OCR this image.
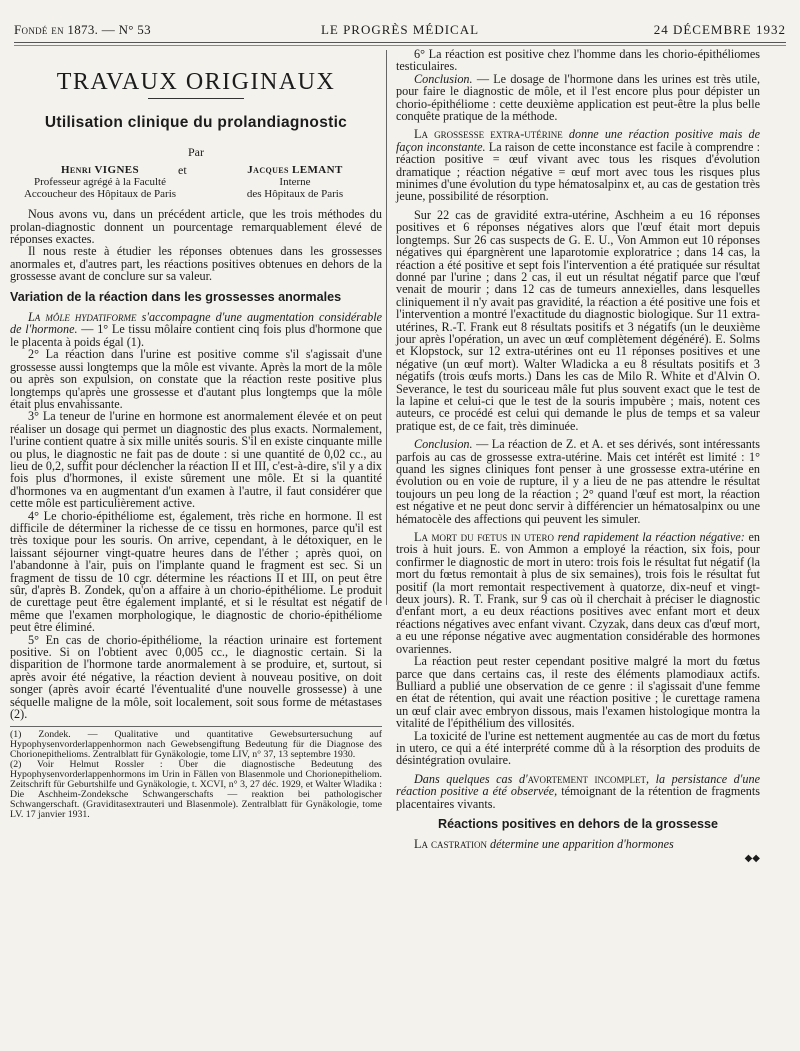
Fondé en 1873. — N° 53	LE PROGRÈS MÉDICAL	24 DÉCEMBRE 1932
TRAVAUX ORIGINAUX
Utilisation clinique du prolandiagnostic
Par
Henri VIGNES
Professeur agrégé à la Faculté
Accoucheur des Hôpitaux de Paris
et	Jacques LEMANT
Interne
des Hôpitaux de Paris

Nous avons vu, dans un précédent article, que les trois méthodes du prolan-diagnostic donnent un pourcentage remarquablement élevé de réponses exactes.

Il nous reste à étudier les réponses obtenues dans les grossesses anormales et, d'autres part, les réactions positives obtenues en dehors de la grossesse avant de conclure sur sa valeur.

Variation de la réaction dans les grossesses anormales

La môle hydatiforme s'accompagne d'une augmentation considérable de l'hormone. — 1° Le tissu môlaire contient cinq fois plus d'hormone que le placenta à poids égal (1).

2° La réaction dans l'urine est positive comme s'il s'agissait d'une grossesse aussi longtemps que la môle est vivante. Après la mort de la môle ou après son expulsion, on constate que la réaction reste positive plus longtemps qu'après une grossesse et d'autant plus longtemps que la môle était plus envahissante.

3° La teneur de l'urine en hormone est anormalement élevée et on peut réaliser un dosage qui permet un diagnostic des plus exacts. Normalement, l'urine contient quatre à six mille unités souris. S'il en existe cinquante mille ou plus, le diagnostic ne fait pas de doute : si une quantité de 0,02 cc., au lieu de 0,2, suffit pour déclencher la réaction II et III, c'est-à-dire, s'il y a dix fois plus d'hormones, il existe sûrement une môle. Et si la quantité d'hormones va en augmentant d'un examen à l'autre, il faut considérer que cette môle est particulièrement active.

4° Le chorio-épithéliome est, également, très riche en hormone. Il est difficile de déterminer la richesse de ce tissu en hormones, parce qu'il est très toxique pour les souris. On arrive, cependant, à le détoxiquer, en le laissant séjourner vingt-quatre heures dans de l'éther ; après quoi, on l'abandonne à l'air, puis on l'implante quand le fragment est sec. Si un fragment de tissu de 10 cgr. détermine les réactions II et III, on peut être sûr, d'après B. Zondek, qu'on a affaire à un chorio-épithéliome. Le produit de curettage peut être également implanté, et si le résultat est négatif de même que l'examen morphologique, le diagnostic de chorio-épithéliome peut être éliminé.

5° En cas de chorio-épithéliome, la réaction urinaire est fortement positive. Si on l'obtient avec 0,005 cc., le diagnostic certain. Si la disparition de l'hormone tarde anormalement à se produire, et, surtout, si après avoir été négative, la réaction devient à nouveau positive, on doit songer (après avoir écarté l'éventualité d'une nouvelle grossesse) à une séquelle maligne de la môle, soit localement, soit sous forme de métastases (2).

(1) Zondek. — Qualitative und quantitative Gewebsurtersuchung auf Hypophysenvorderlappenhormon nach Gewebsengiftung Bedeutung für die Diagnose des Chorionepithelioms. Zentralblatt für Gynäkologie, tome LIV, n° 37, 13 septembre 1930.

(2) Voir Helmut Rossler : Über die diagnostische Bedeutung des Hypophysenvorderlappenhormons im Urin in Fällen von Blasenmole und Chorionepitheliom. Zeitschrift für Geburtshilfe und Gynäkologie, t. XCVI, n° 3, 27 déc. 1929, et Walter Wladika : Die Aschheim-Zondeksche Schwangerschafts — reaktion bei pathologischer Schwangerschaft. (Graviditasextrauteri und Blasenmole). Zentralblatt für Gynäkologie, tome LV. 17 janvier 1931.

6° La réaction est positive chez l'homme dans les chorio-épithéliomes testiculaires.

Conclusion. — Le dosage de l'hormone dans les urines est très utile, pour faire le diagnostic de môle, et il l'est encore plus pour dépister un chorio-épithéliome : cette deuxième application est peut-être la plus belle conquête pratique de la méthode.

La grossesse extra-utérine donne une réaction positive mais de façon inconstante. La raison de cette inconstance est facile à comprendre : réaction positive = œuf vivant avec tous les risques d'évolution dramatique ; réaction négative = œuf mort avec tous les risques plus minimes d'une évolution du type hématosalpinx et, au cas de gestation très jeune, possibilité de résorption.

Sur 22 cas de gravidité extra-utérine, Aschheim a eu 16 réponses positives et 6 réponses négatives alors que l'œuf était mort depuis longtemps. Sur 26 cas suspects de G. E. U., Von Ammon eut 10 réponses négatives qui épargnèrent une laparotomie exploratrice ; dans 14 cas, la réaction a été positive et sept fois l'intervention a été pratiquée sur résultat donné par l'urine ; dans 2 cas, il eut un résultat négatif parce que l'œuf venait de mourir ; dans 12 cas de tumeurs annexielles, dans lesquelles cliniquement il n'y avait pas gravidité, la réaction a été positive une fois et l'intervention a montré l'exactitude du diagnostic biologique. Sur 11 extra-utérines, R.-T. Frank eut 8 résultats positifs et 3 négatifs (un le deuxième jour après l'opération, un avec un œuf complètement dégénéré). E. Solms et Klopstock, sur 12 extra-utérines ont eu 11 réponses positives et une négative (un œuf mort). Walter Wladicka a eu 8 résultats positifs et 3 négatifs (trois œufs morts.) Dans les cas de Milo R. White et d'Alvin O. Severance, le test du souriceau mâle fut plus souvent exact que le test de la lapine et celui-ci que le test de la souris impubère ; mais, notent ces auteurs, ce procédé est celui qui demande le plus de temps et sa valeur pratique est, de ce fait, très diminuée.

Conclusion. — La réaction de Z. et A. et ses dérivés, sont intéressants parfois au cas de grossesse extra-utérine. Mais cet intérêt est limité : 1° quand les signes cliniques font penser à une grossesse extra-utérine en évolution ou en voie de rupture, il y a lieu de ne pas attendre le résultat toujours un peu long de la réaction ; 2° quand l'œuf est mort, la réaction est négative et ne peut donc servir à différencier un hématosalpinx ou une hématocèle des affections qui peuvent les simuler.

La mort du fœtus in utero rend rapidement la réaction négative: en trois à huit jours. E. von Ammon a employé la réaction, six fois, pour confirmer le diagnostic de mort in utero: trois fois le résultat fut négatif (la mort du fœtus remontait à plus de six semaines), trois fois le résultat fut positif (la mort remontait respectivement à quatorze, dix-neuf et vingt-deux jours). R. T. Frank, sur 9 cas où il cherchait à préciser le diagnostic d'enfant mort, a eu deux réactions positives avec enfant mort et deux réactions négatives avec enfant vivant. Czyzak, dans deux cas d'œuf mort, a eu une réponse négative avec augmentation considérable des hormones ovariennes.

La réaction peut rester cependant positive malgré la mort du fœtus parce que dans certains cas, il reste des éléments plamodiaux actifs. Bulliard a publié une observation de ce genre : il s'agissait d'une femme en état de rétention, qui avait une réaction positive ; le curettage ramena un œuf clair avec embryon dissous, mais l'examen histologique montra la vitalité de l'épithélium des villosités.

La toxicité de l'urine est nettement augmentée au cas de mort du fœtus in utero, ce qui a été interprété comme dû à la résorption des produits de désintégration ovulaire.

Dans quelques cas d'avortement incomplet, la persistance d'une réaction positive a été observée, témoignant de la rétention de fragments placentaires vivants.

Réactions positives en dehors de la grossesse

La castration détermine une apparition d'hormones

◆◆
